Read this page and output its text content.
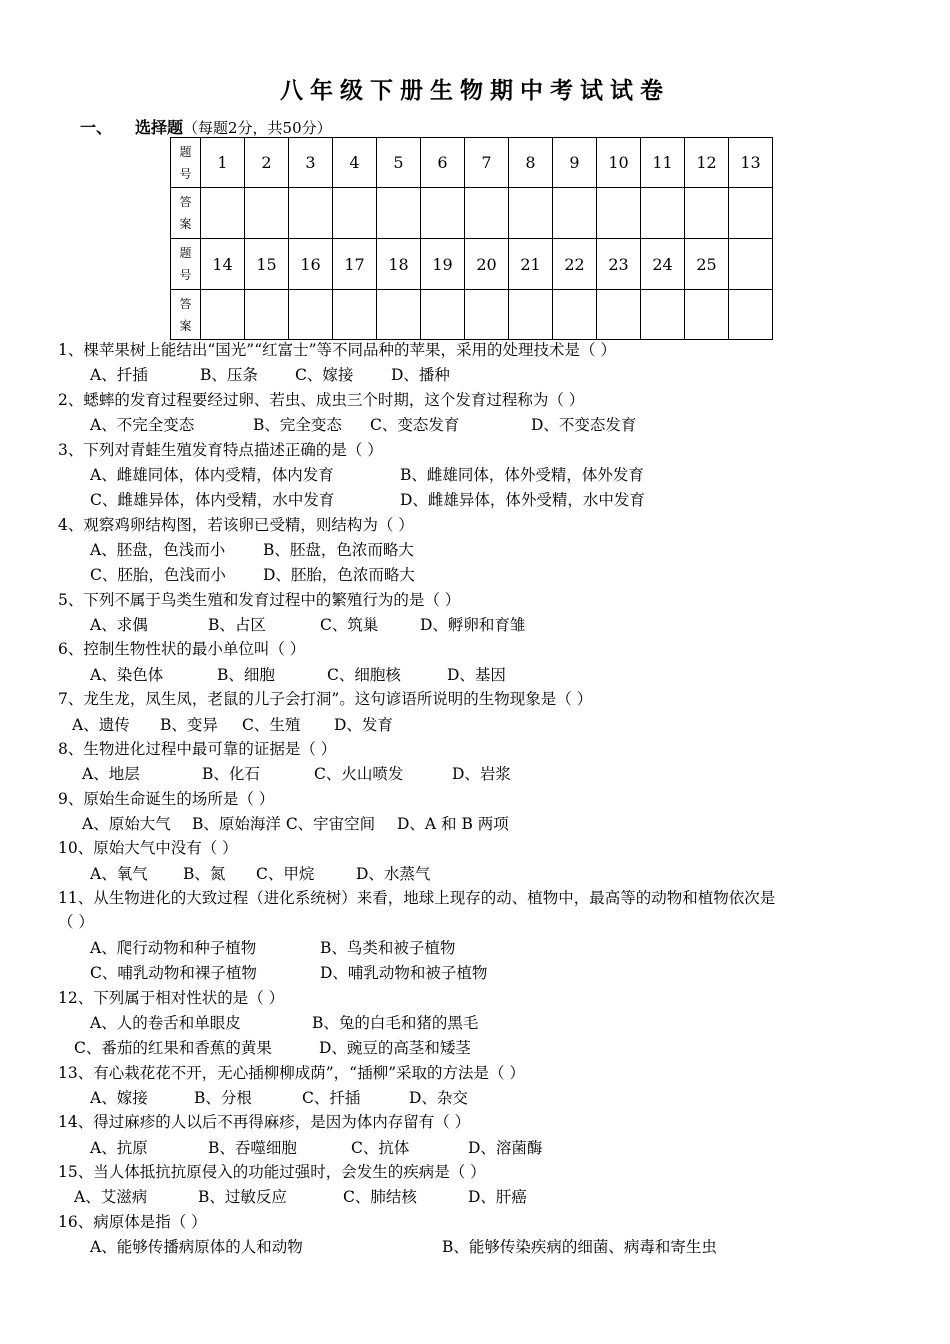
八年级下册生物期中考试试卷
一、 选择题（每题2分，共50分）
题
号	1	2	3	4	5	6	7	8	9	10	11	12	13

答
案													

题
号	14	15	16	17	18	19	20	21	22	23	24	25	

答
案													

1、棵苹果树上能结出“国光”“红富士”等不同品种的苹果，采用的处理技术是（ ）
A、扦插	B、压条 C、嫁接 D、播种
2、蟋蟀的发育过程要经过卵、若虫、成虫三个时期，这个发育过程称为（ ）
A、不完全变态	B、完全变态 C、变态发育	D、不变态发育
3、下列对青蛙生殖发育特点描述正确的是（ ）
A、雌雄同体，体内受精，体内发育	B、雌雄同体，体外受精，体外发育
C、雌雄异体，体内受精，水中发育	D、雌雄异体，体外受精，水中发育
4、观察鸡卵结构图，若该卵已受精，则结构为（ ）
A、胚盘，色浅而小 B、胚盘，色浓而略大
C、胚胎，色浅而小 D、胚胎，色浓而略大
5、下列不属于鸟类生殖和发育过程中的繁殖行为的是（ ）
A、求偶	B、占区	C、筑巢	D、孵卵和育雏
6、控制生物性状的最小单位叫（ ）
A、染色体	B、细胞	C、细胞核	D、基因
7、龙生龙，凤生凤，老鼠的儿子会打洞”。这句谚语所说明的生物现象是（ ）
A、遗传 B、变异 C、生殖 D、发育
8、生物进化过程中最可靠的证据是（ ）
A、地层	B、化石	C、火山喷发	D、岩浆
9、原始生命诞生的场所是（ ）
A、原始大气 B、原始海洋 C、宇宙空间 D、A 和 B 两项
10、原始大气中没有（ ）
A、氧气 B、氮 C、甲烷	D、水蒸气
11、从生物进化的大致过程（进化系统树）来看，地球上现存的动、植物中，最高等的动物和植物依次是
（ ）
A、爬行动物和种子植物	B、鸟类和被子植物
C、哺乳动物和裸子植物	D、哺乳动物和被子植物
12、下列属于相对性状的是（ ）
A、人的卷舌和单眼皮	B、兔的白毛和猪的黑毛
C、番茄的红果和香蕉的黄果	D、豌豆的高茎和矮茎
13、有心栽花花不开，无心插柳柳成荫”，“插柳”采取的方法是（ ）
A、嫁接	B、分根	C、扦插	D、杂交
14、得过麻疹的人以后不再得麻疹，是因为体内存留有（ ）
A、抗原	B、吞噬细胞	C、抗体	D、溶菌酶
15、当人体抵抗抗原侵入的功能过强时，会发生的疾病是（ ）
A、艾滋病	B、过敏反应	C、肺结核	D、肝癌
16、病原体是指（ ）
A、能够传播病原体的人和动物	B、能够传染疾病的细菌、病毒和寄生虫
